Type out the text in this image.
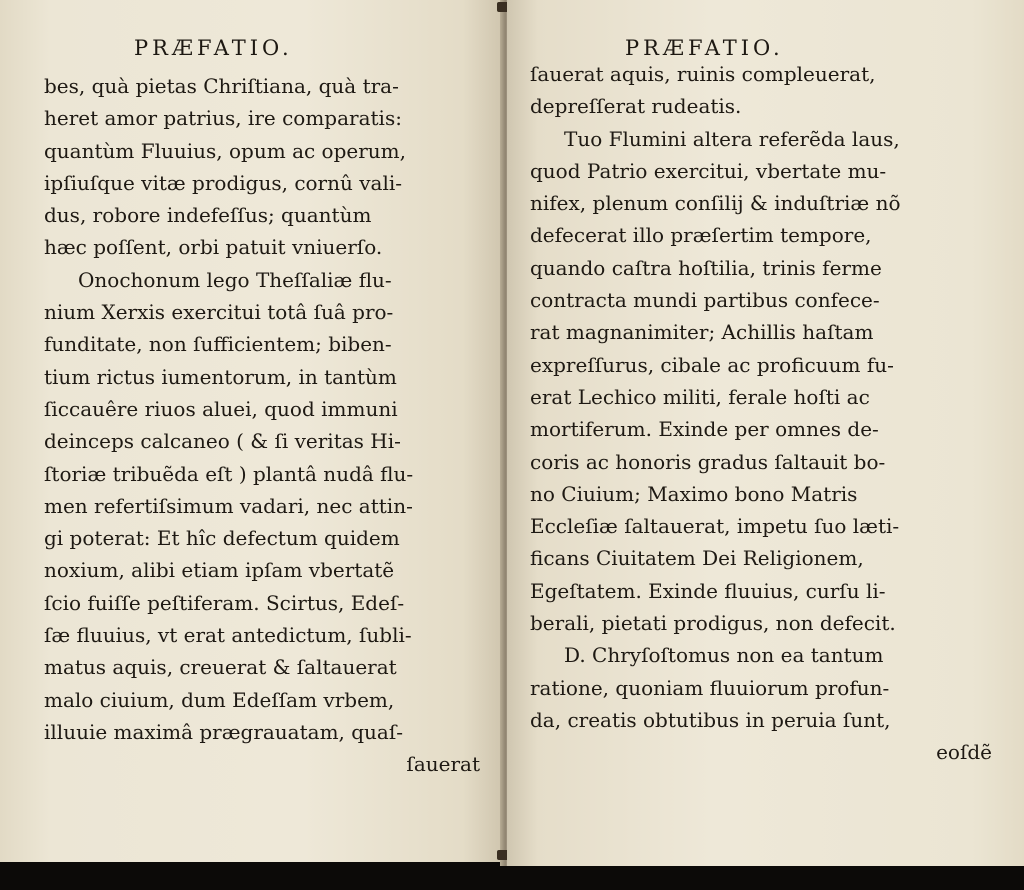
PRÆFATIO.
bes, quà pietas Chriſtiana, quà tra-
heret amor patrius, ire comparatis:
quantùm Fluuius, opum ac operum,
ipſiuſque vitæ prodigus, cornû vali-
dus, robore indefeſſus; quantùm
hæc poſſent, orbi patuit vniuerſo.
Onochonum lego Theſſaliæ flu-
nium Xerxis exercitui totâ ſuâ pro-
funditate, non ſufficientem; biben-
tium rictus iumentorum, in tantùm
ſiccauêre riuos aluei, quod immuni
deinceps calcaneo ( & ſi veritas Hi-
ſtoriæ tribuẽda eſt ) plantâ nudâ flu-
men refertiſsimum vadari, nec attin-
gi poterat: Et hîc defectum quidem
noxium, alibi etiam ipſam vbertatẽ
ſcio fuiſſe peſtiferam. Scirtus, Edeſ-
ſæ fluuius, vt erat antedictum, ſubli-
matus aquis, creuerat & ſaltauerat
malo ciuium, dum Edeſſam vrbem,
illuuie maximâ prægrauatam, quaſ-
ſauerat
PRÆFATIO.
ſauerat aquis, ruinis compleuerat,
depreſſerat rudeatis.
Tuo Flumini altera referẽda laus,
quod Patrio exercitui, vbertate mu-
nifex, plenum conſilij & induſtriæ nõ
defecerat illo præſertim tempore,
quando caſtra hoſtilia, trinis ferme
contracta mundi partibus confece-
rat magnanimiter; Achillis haſtam
expreſſurus, cibale ac proficuum fu-
erat Lechico militi, ferale hoſti ac
mortiferum. Exinde per omnes de-
coris ac honoris gradus ſaltauit bo-
no Ciuium; Maximo bono Matris
Eccleſiæ ſaltauerat, impetu ſuo læti-
ficans Ciuitatem Dei Religionem,
Egeſtatem. Exinde fluuius, curſu li-
berali, pietati prodigus, non defecit.
D. Chryſoſtomus non ea tantum
ratione, quoniam fluuiorum profun-
da, creatis obtutibus in peruia ſunt,
eoſdẽ
